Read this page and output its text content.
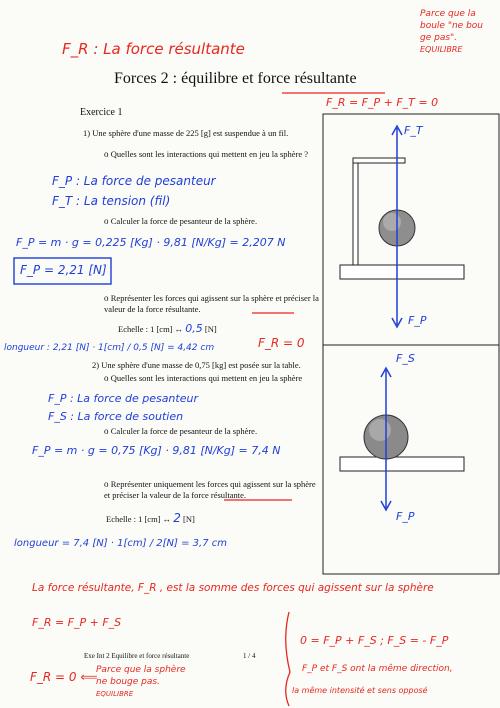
F_R : La force résultante
Forces 2 : équilibre et force résultante
Parce que la
boule "ne bou
ge pas".
EQUILIBRE
F_R = F_P + F_T = 0
Exercice 1
1) Une sphère d'une masse de 225 [g] est suspendue à un fil.
o Quelles sont les interactions qui mettent en jeu la sphère ?
F_P : La force de pesanteur
F_T : La tension (fil)
o Calculer la force de pesanteur de la sphère.
F_P = m · g = 0,225 [Kg] · 9,81 [N/Kg] = 2,207 N
F_P = 2,21 [N]
o Représenter les forces qui agissent sur la sphère et préciser la valeur de la force résultante.
Echelle : 1 [cm] ↔ 0,5 [N]
F_R = 0
longueur : 2,21 [N] · 1[cm] / 0,5 [N] = 4,42 cm
2) Une sphère d'une masse de 0,75 [kg] est posée sur la table.
o Quelles sont les interactions qui mettent en jeu la sphère
F_P : La force de pesanteur
F_S : La force de soutien
o Calculer la force de pesanteur de la sphère.
F_P = m · g = 0,75 [Kg] · 9,81 [N/Kg] = 7,4 N
o Représenter uniquement les forces qui agissent sur la sphère et préciser la valeur de la force résultante.
Echelle : 1 [cm] ↔ 2 [N]
longueur = 7,4 [N] · 1[cm] / 2[N] = 3,7 cm
La force résultante, F_R , est la somme des forces qui agissent sur la sphère
F_R = F_P + F_S
0 = F_P + F_S ; F_S = - F_P
F_P et F_S ont la même direction,
la même intensité et sens opposé
Exe Int 2 Equilibre et force résultante	1 / 4
F_R = 0 ⟸
Parce que la sphère
ne bouge pas.
EQUILIBRE
F_T
F_P
F_S
F_P
